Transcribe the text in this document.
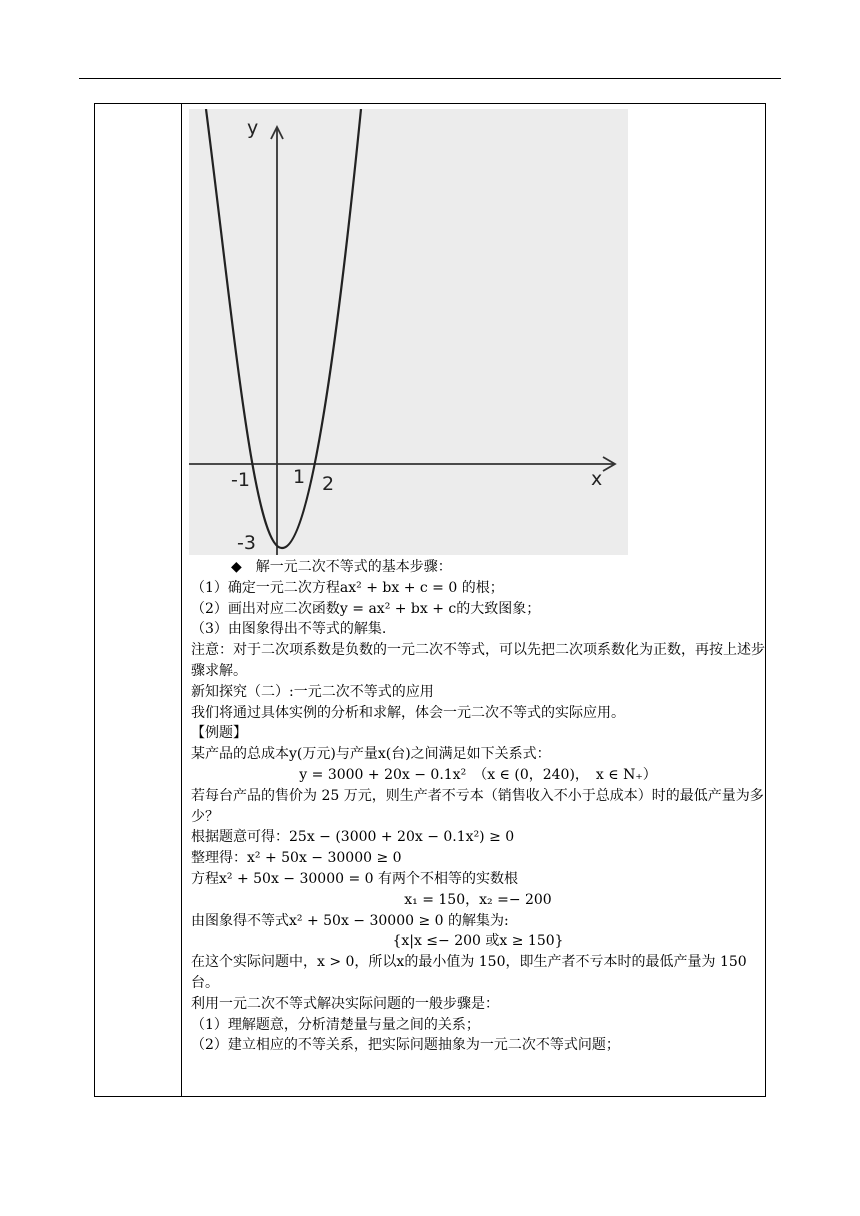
y
x
-1 1 2
-3
◆　解一元二次不等式的基本步骤：
（1）确定一元二次方程ax² + bx + c = 0 的根；
（2）画出对应二次函数y = ax² + bx + c的大致图象；
（3）由图象得出不等式的解集.
注意：对于二次项系数是负数的一元二次不等式，可以先把二次项系数化为正数，再按上述步骤求解。
新知探究（二）:一元二次不等式的应用
我们将通过具体实例的分析和求解，体会一元二次不等式的实际应用。
【例题】
某产品的总成本y(万元)与产量x(台)之间满足如下关系式：
y = 3000 + 20x − 0.1x²　（x ∈ (0，240)，　x ∈ N₊）
若每台产品的售价为 25 万元，则生产者不亏本（销售收入不小于总成本）时的最低产量为多少？
根据题意可得：25x − (3000 + 20x − 0.1x²) ≥ 0
整理得：x² + 50x − 30000 ≥ 0
方程x² + 50x − 30000 = 0 有两个不相等的实数根
x₁ = 150，x₂ =− 200
由图象得不等式x² + 50x − 30000 ≥ 0 的解集为:
{x|x ≤− 200 或x ≥ 150}
在这个实际问题中，x > 0，所以x的最小值为 150，即生产者不亏本时的最低产量为 150 台。
利用一元二次不等式解决实际问题的一般步骤是：
（1）理解题意，分析清楚量与量之间的关系；
（2）建立相应的不等关系，把实际问题抽象为一元二次不等式问题；
